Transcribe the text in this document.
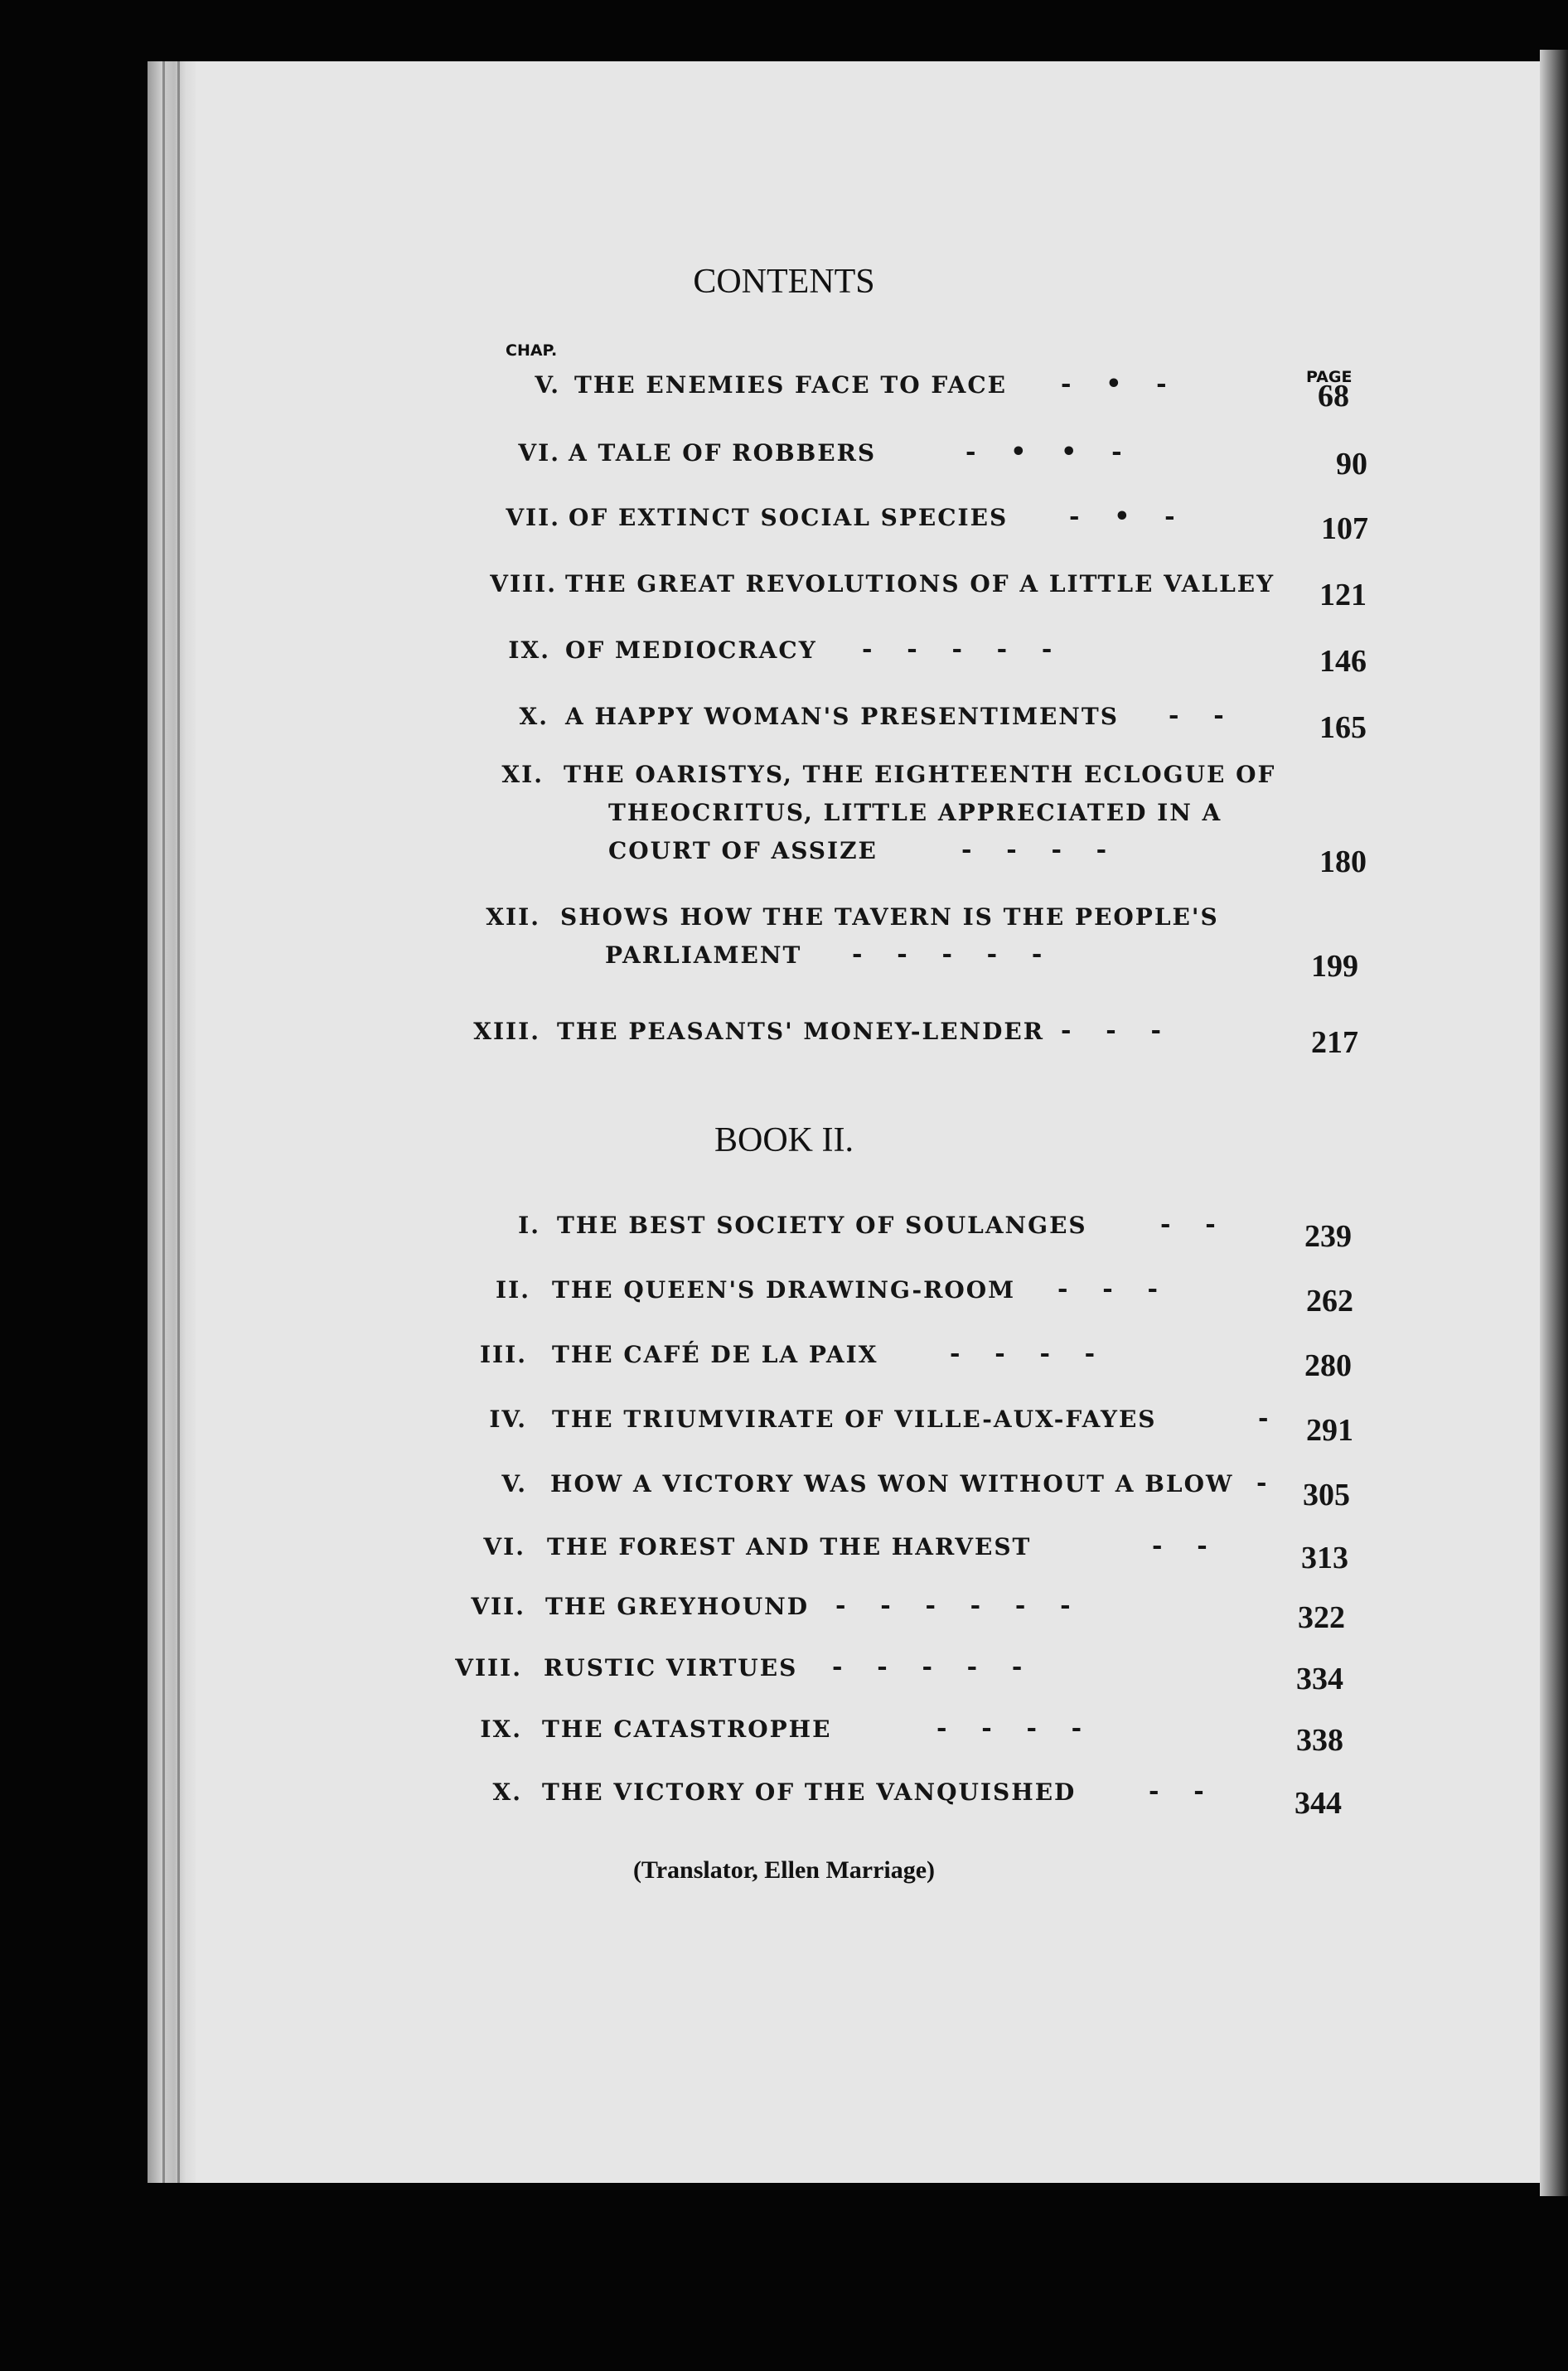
CONTENTS
CHAP.
PAGE
V. THE ENEMIES FACE TO FACE -    •    -	68
VI. A TALE OF ROBBERS	-    •    •    -	90
VII. OF EXTINCT SOCIAL SPECIES -    •    -	107
VIII. THE GREAT REVOLUTIONS OF A LITTLE VALLEY 121
IX. OF MEDIOCRACY -    -    -    -    -	146
X. A HAPPY WOMAN'S PRESENTIMENTS -    -	165
XI. THE OARISTYS, THE EIGHTEENTH ECLOGUE OF
THEOCRITUS, LITTLE APPRECIATED IN A
COURT OF ASSIZE	-    -    -    -	180
XII. SHOWS HOW THE TAVERN IS THE PEOPLE'S
PARLIAMENT -    -    -    -    -	199
XIII. THE PEASANTS' MONEY-LENDER -    -    -	217
BOOK II.
I. THE BEST SOCIETY OF SOULANGES	-    -	239
II. THE QUEEN'S DRAWING-ROOM -    -    -	262
III. THE CAFÉ DE LA PAIX	-    -    -    -	280
IV. THE TRIUMVIRATE OF VILLE-AUX-FAYES	- 291
V. HOW A VICTORY WAS WON WITHOUT A BLOW - 305
VI. THE FOREST AND THE HARVEST	-    -	313
VII. THE GREYHOUND -    -    -    -    -    -	322
VIII. RUSTIC VIRTUES -    -    -    -    -	334
IX. THE CATASTROPHE	-    -    -    -	338
X. THE VICTORY OF THE VANQUISHED	-    -	344
(Translator, Ellen Marriage)
